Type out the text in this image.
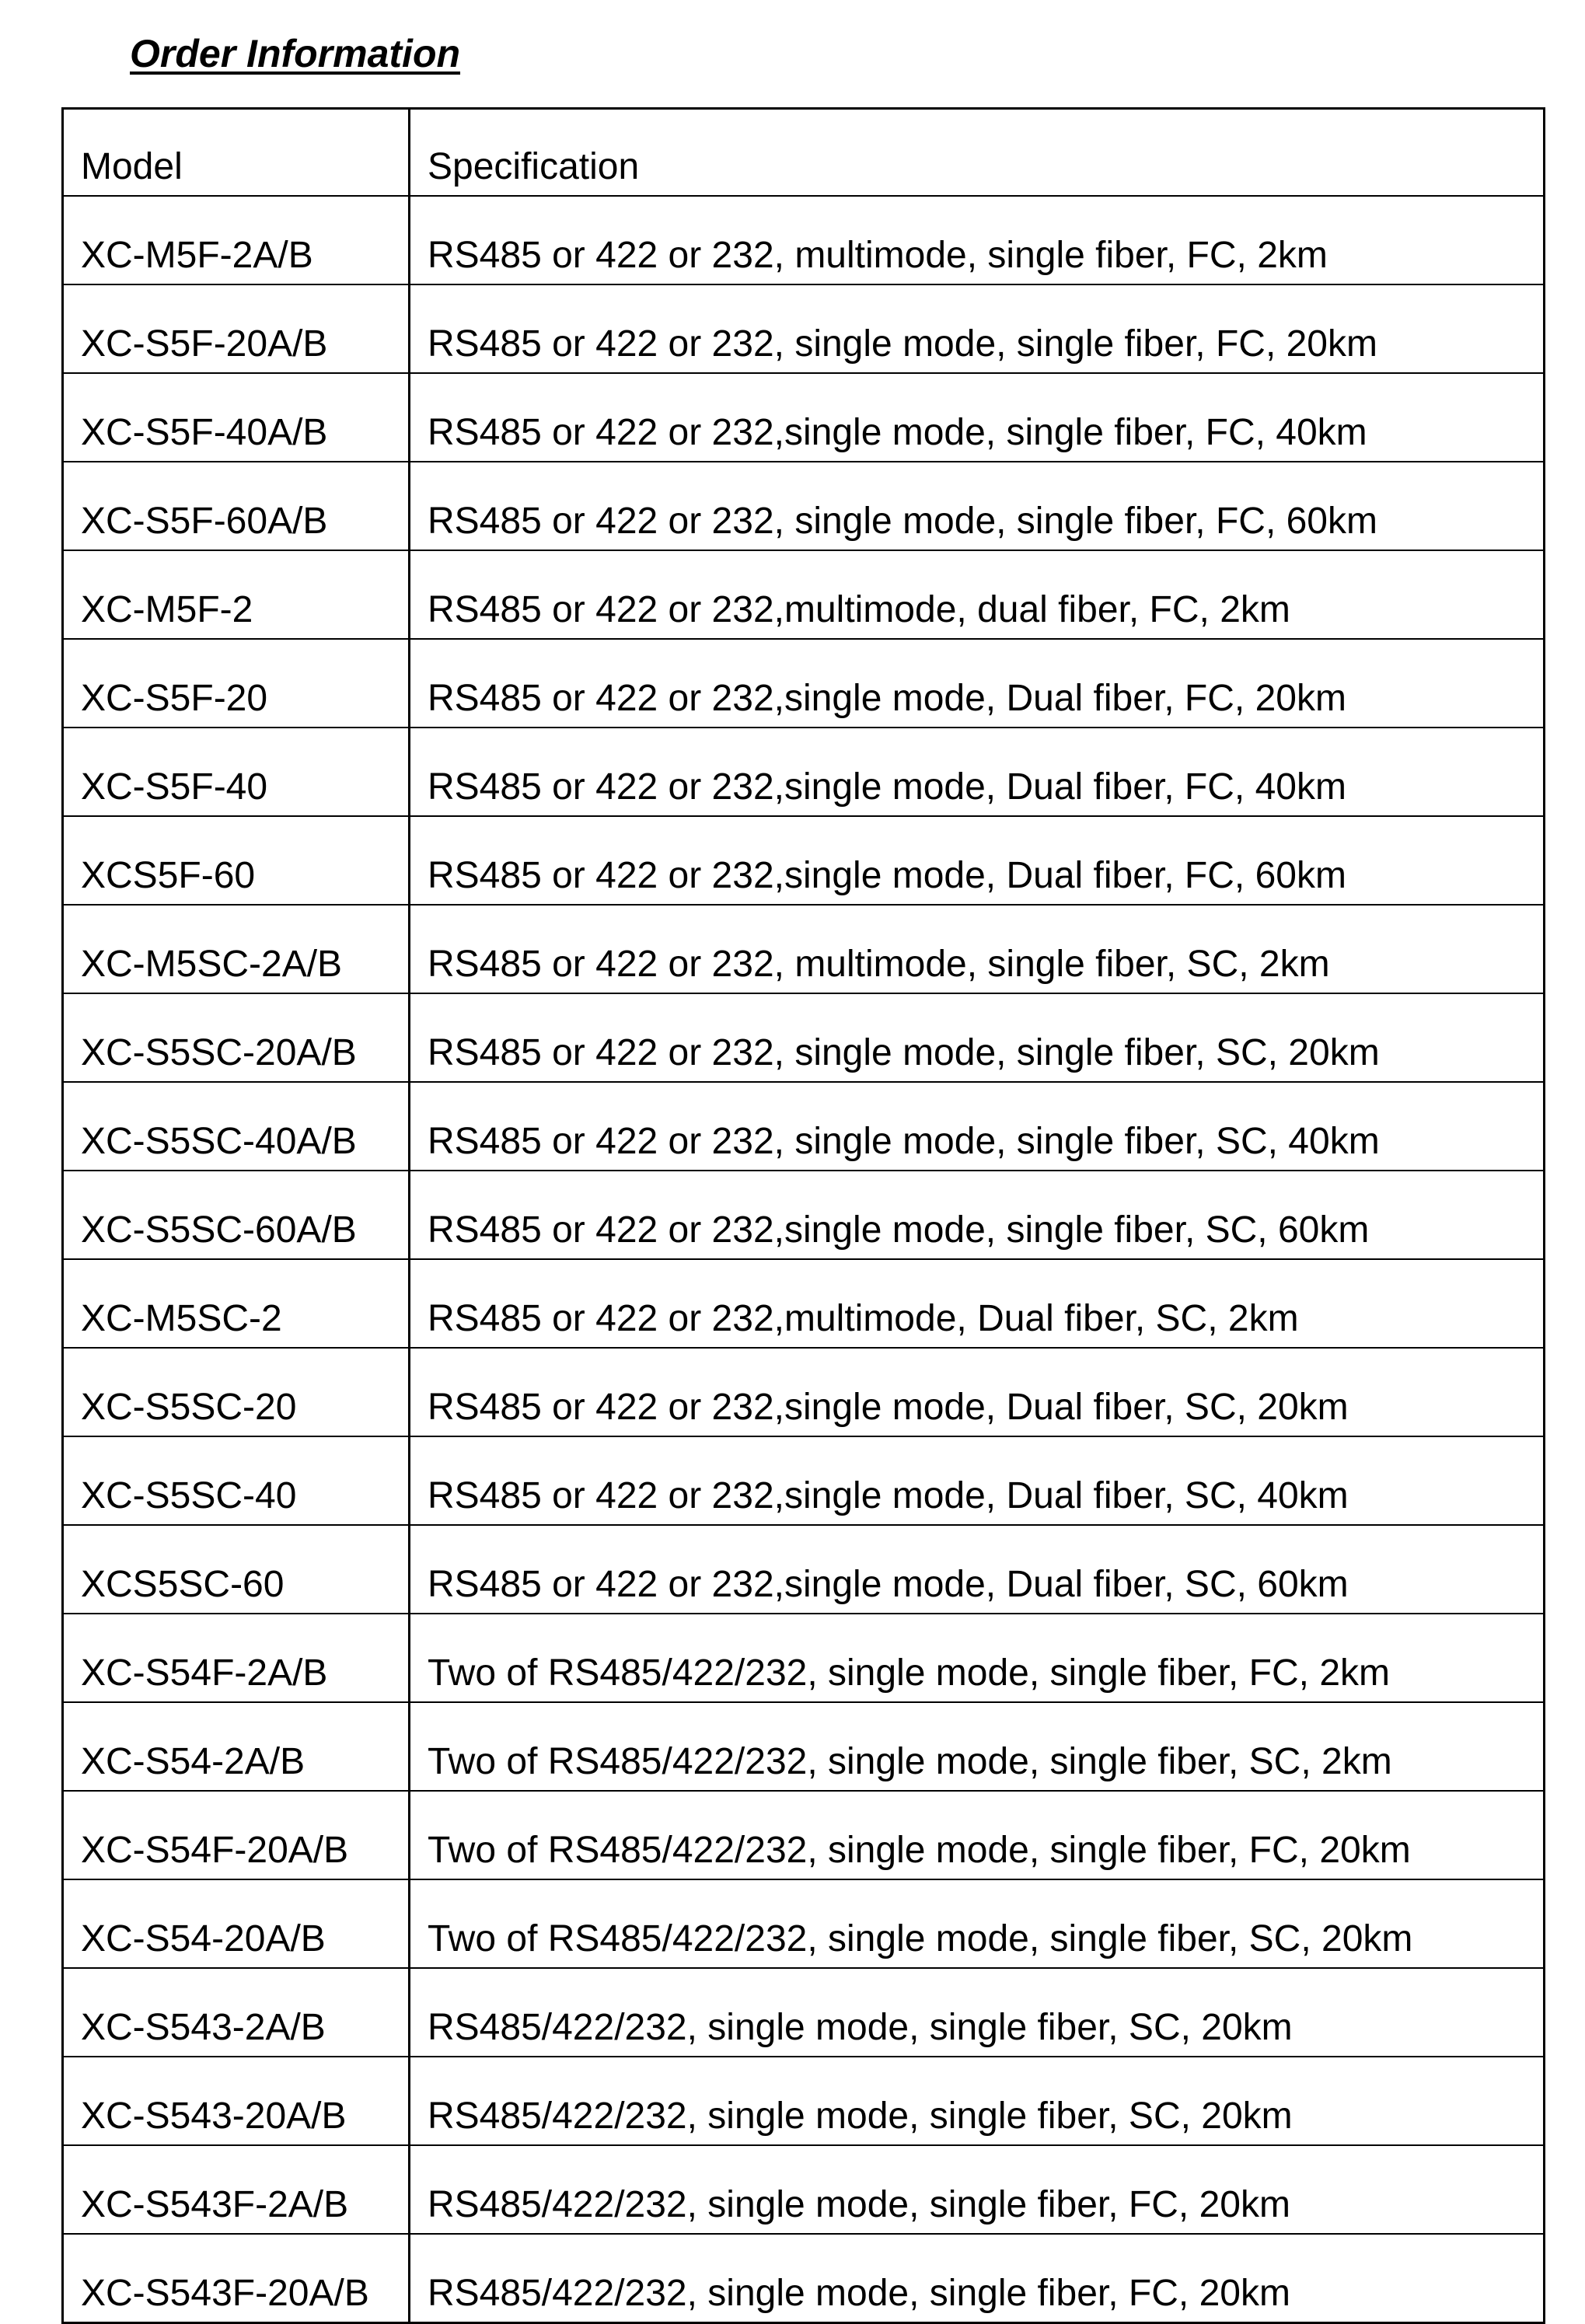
Order Information
Model	Specification
XC-M5F-2A/B	RS485 or 422 or 232, multimode, single fiber, FC, 2km
XC-S5F-20A/B	RS485 or 422 or 232, single mode, single fiber, FC, 20km
XC-S5F-40A/B	RS485 or 422 or 232,single mode, single fiber, FC, 40km
XC-S5F-60A/B	RS485 or 422 or 232, single mode, single fiber, FC, 60km
XC-M5F-2	RS485 or 422 or 232,multimode, dual fiber, FC, 2km
XC-S5F-20	RS485 or 422 or 232,single mode, Dual fiber, FC, 20km
XC-S5F-40	RS485 or 422 or 232,single mode, Dual fiber, FC, 40km
XCS5F-60	RS485 or 422 or 232,single mode, Dual fiber, FC, 60km
XC-M5SC-2A/B	RS485 or 422 or 232, multimode, single fiber, SC, 2km
XC-S5SC-20A/B	RS485 or 422 or 232, single mode, single fiber, SC, 20km
XC-S5SC-40A/B	RS485 or 422 or 232, single mode, single fiber, SC, 40km
XC-S5SC-60A/B	RS485 or 422 or 232,single mode, single fiber, SC, 60km
XC-M5SC-2	RS485 or 422 or 232,multimode, Dual fiber, SC, 2km
XC-S5SC-20	RS485 or 422 or 232,single mode, Dual fiber, SC, 20km
XC-S5SC-40	RS485 or 422 or 232,single mode, Dual fiber, SC, 40km
XCS5SC-60	RS485 or 422 or 232,single mode, Dual fiber, SC, 60km
XC-S54F-2A/B	Two of RS485/422/232, single mode, single fiber, FC, 2km
XC-S54-2A/B	Two of RS485/422/232, single mode, single fiber, SC, 2km
XC-S54F-20A/B	Two of RS485/422/232, single mode, single fiber, FC, 20km
XC-S54-20A/B	Two of RS485/422/232, single mode, single fiber, SC, 20km
XC-S543-2A/B	RS485/422/232, single mode, single fiber, SC, 20km
XC-S543-20A/B	RS485/422/232, single mode, single fiber, SC, 20km
XC-S543F-2A/B	RS485/422/232, single mode, single fiber, FC, 20km
XC-S543F-20A/B	RS485/422/232, single mode, single fiber, FC, 20km
